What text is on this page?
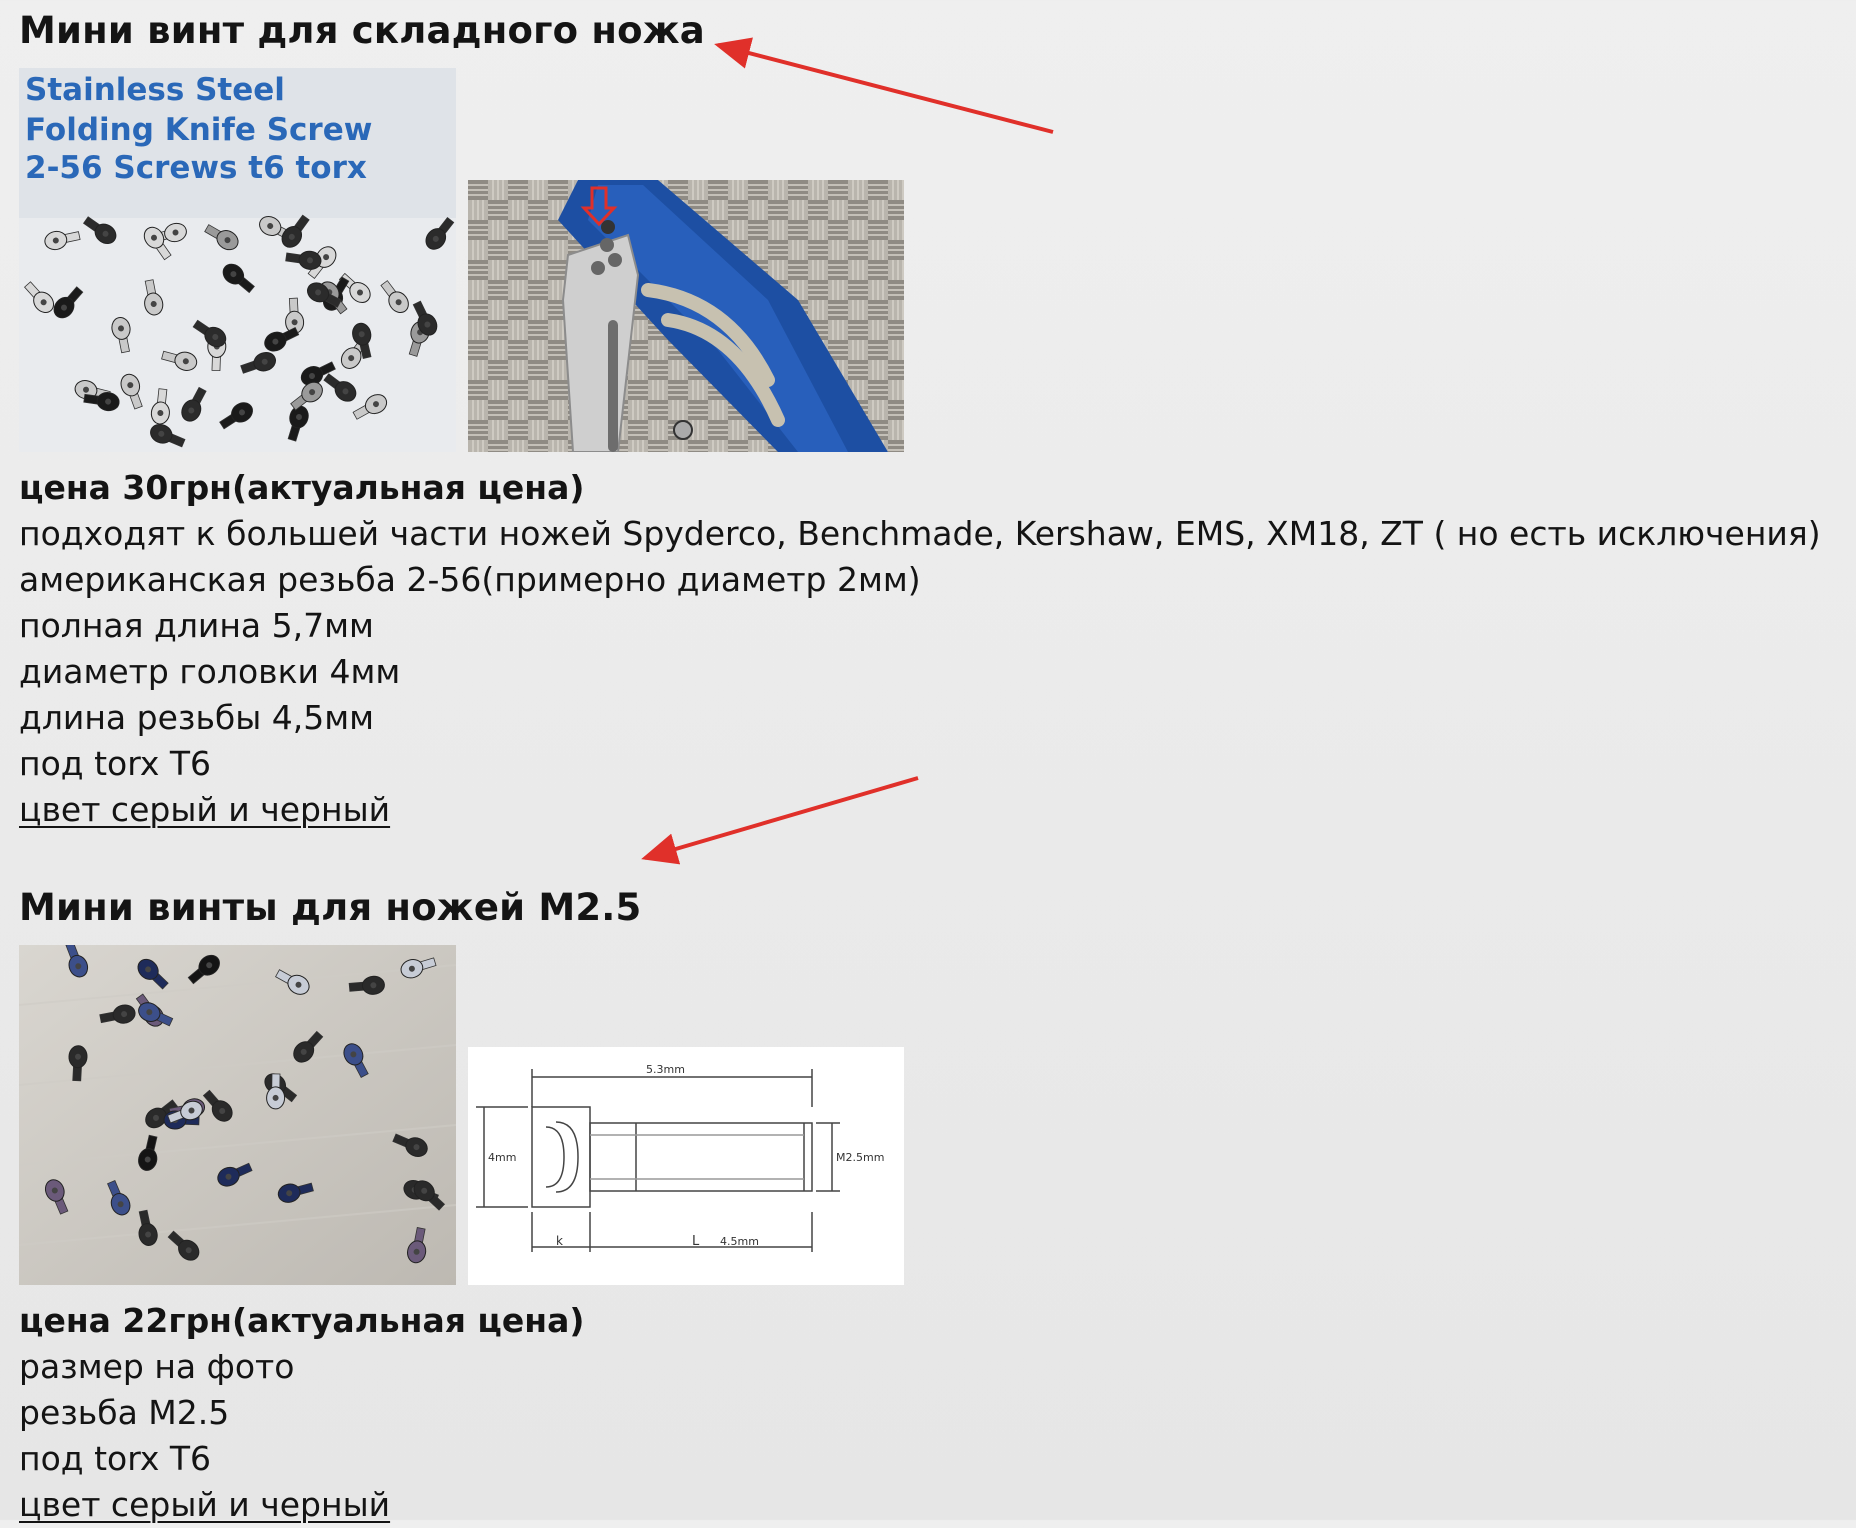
Мини винт для складного ножа
Stainless Steel
Folding Knife Screw
2-56 Screws t6 torx
цена 30грн(актуальная цена)
подходят к большей части ножей Spyderco, Benchmade, Kershaw, EMS, XM18, ZT ( но есть исключения)
американская резьба 2-56(примерно диаметр 2мм)
полная длина 5,7мм
диаметр головки 4мм
длина резьбы 4,5мм
под torx T6
цвет серый и черный
Мини винты для ножей M2.5
5.3mm
4mm	M2.5mm
k	L 4.5mm
цена 22грн(актуальная цена)
размер на фото
резьба M2.5
под torx T6
цвет серый и черный
